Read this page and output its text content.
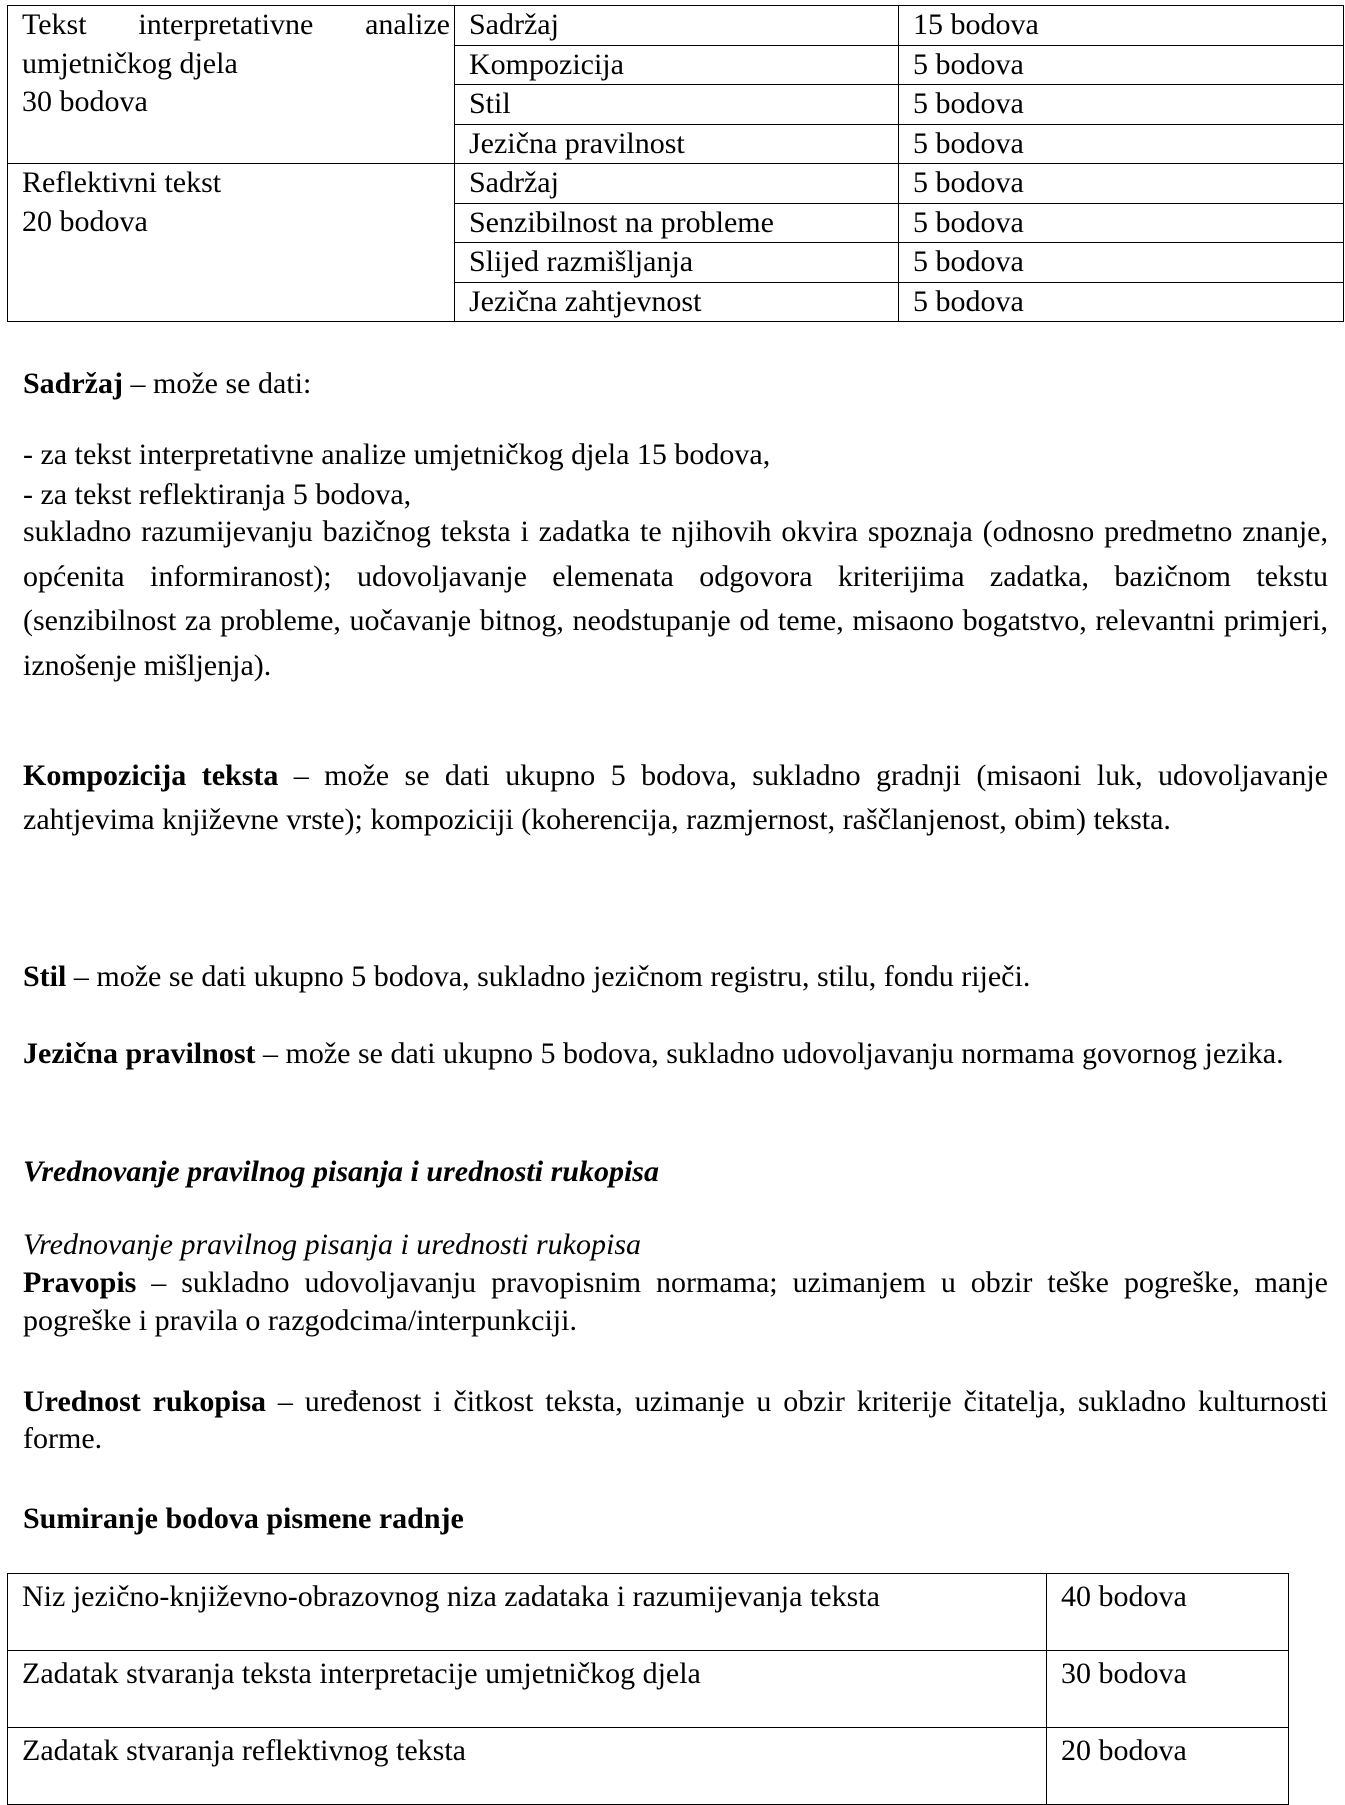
Tekst interpretativne analize
umjetničkog djela
30 bodova	Sadržaj	15 bodova
	Kompozicija	5 bodova
	Stil	5 bodova
	Jezična pravilnost	5 bodova

Reflektivni tekst
20 bodova	Sadržaj	5 bodova
	Senzibilnost na probleme	5 bodova
	Slijed razmišljanja	5 bodova
	Jezična zahtjevnost	5 bodova
Sadržaj – može se dati:
- za tekst interpretativne analize umjetničkog djela 15 bodova,
- za tekst reflektiranja 5 bodova,
sukladno razumijevanju bazičnog teksta i zadatka te njihovih okvira spoznaja (odnosno predmetno znanje, općenita informiranost); udovoljavanje elemenata odgovora kriterijima zadatka, bazičnom tekstu (senzibilnost za probleme, uočavanje bitnog, neodstupanje od teme, misaono bogatstvo, relevantni primjeri, iznošenje mišljenja).
Kompozicija teksta – može se dati ukupno 5 bodova, sukladno gradnji (misaoni luk, udovoljavanje zahtjevima književne vrste); kompoziciji (koherencija, razmjernost, raščlanjenost, obim) teksta.
Stil – može se dati ukupno 5 bodova, sukladno jezičnom registru, stilu, fondu riječi.
Jezična pravilnost – može se dati ukupno 5 bodova, sukladno udovoljavanju normama govornog jezika.
Vrednovanje pravilnog pisanja i urednosti rukopisa
Vrednovanje pravilnog pisanja i urednosti rukopisa
Pravopis – sukladno udovoljavanju pravopisnim normama; uzimanjem u obzir teške pogreške, manje pogreške i pravila o razgodcima/interpunkciji.
Urednost rukopisa – uređenost i čitkost teksta, uzimanje u obzir kriterije čitatelja, sukladno kulturnosti forme.
Sumiranje bodova pismene radnje
Niz jezično-književno-obrazovnog niza zadataka i razumijevanja teksta	40 bodova
Zadatak stvaranja teksta interpretacije umjetničkog djela	30 bodova
Zadatak stvaranja reflektivnog teksta	20 bodova
